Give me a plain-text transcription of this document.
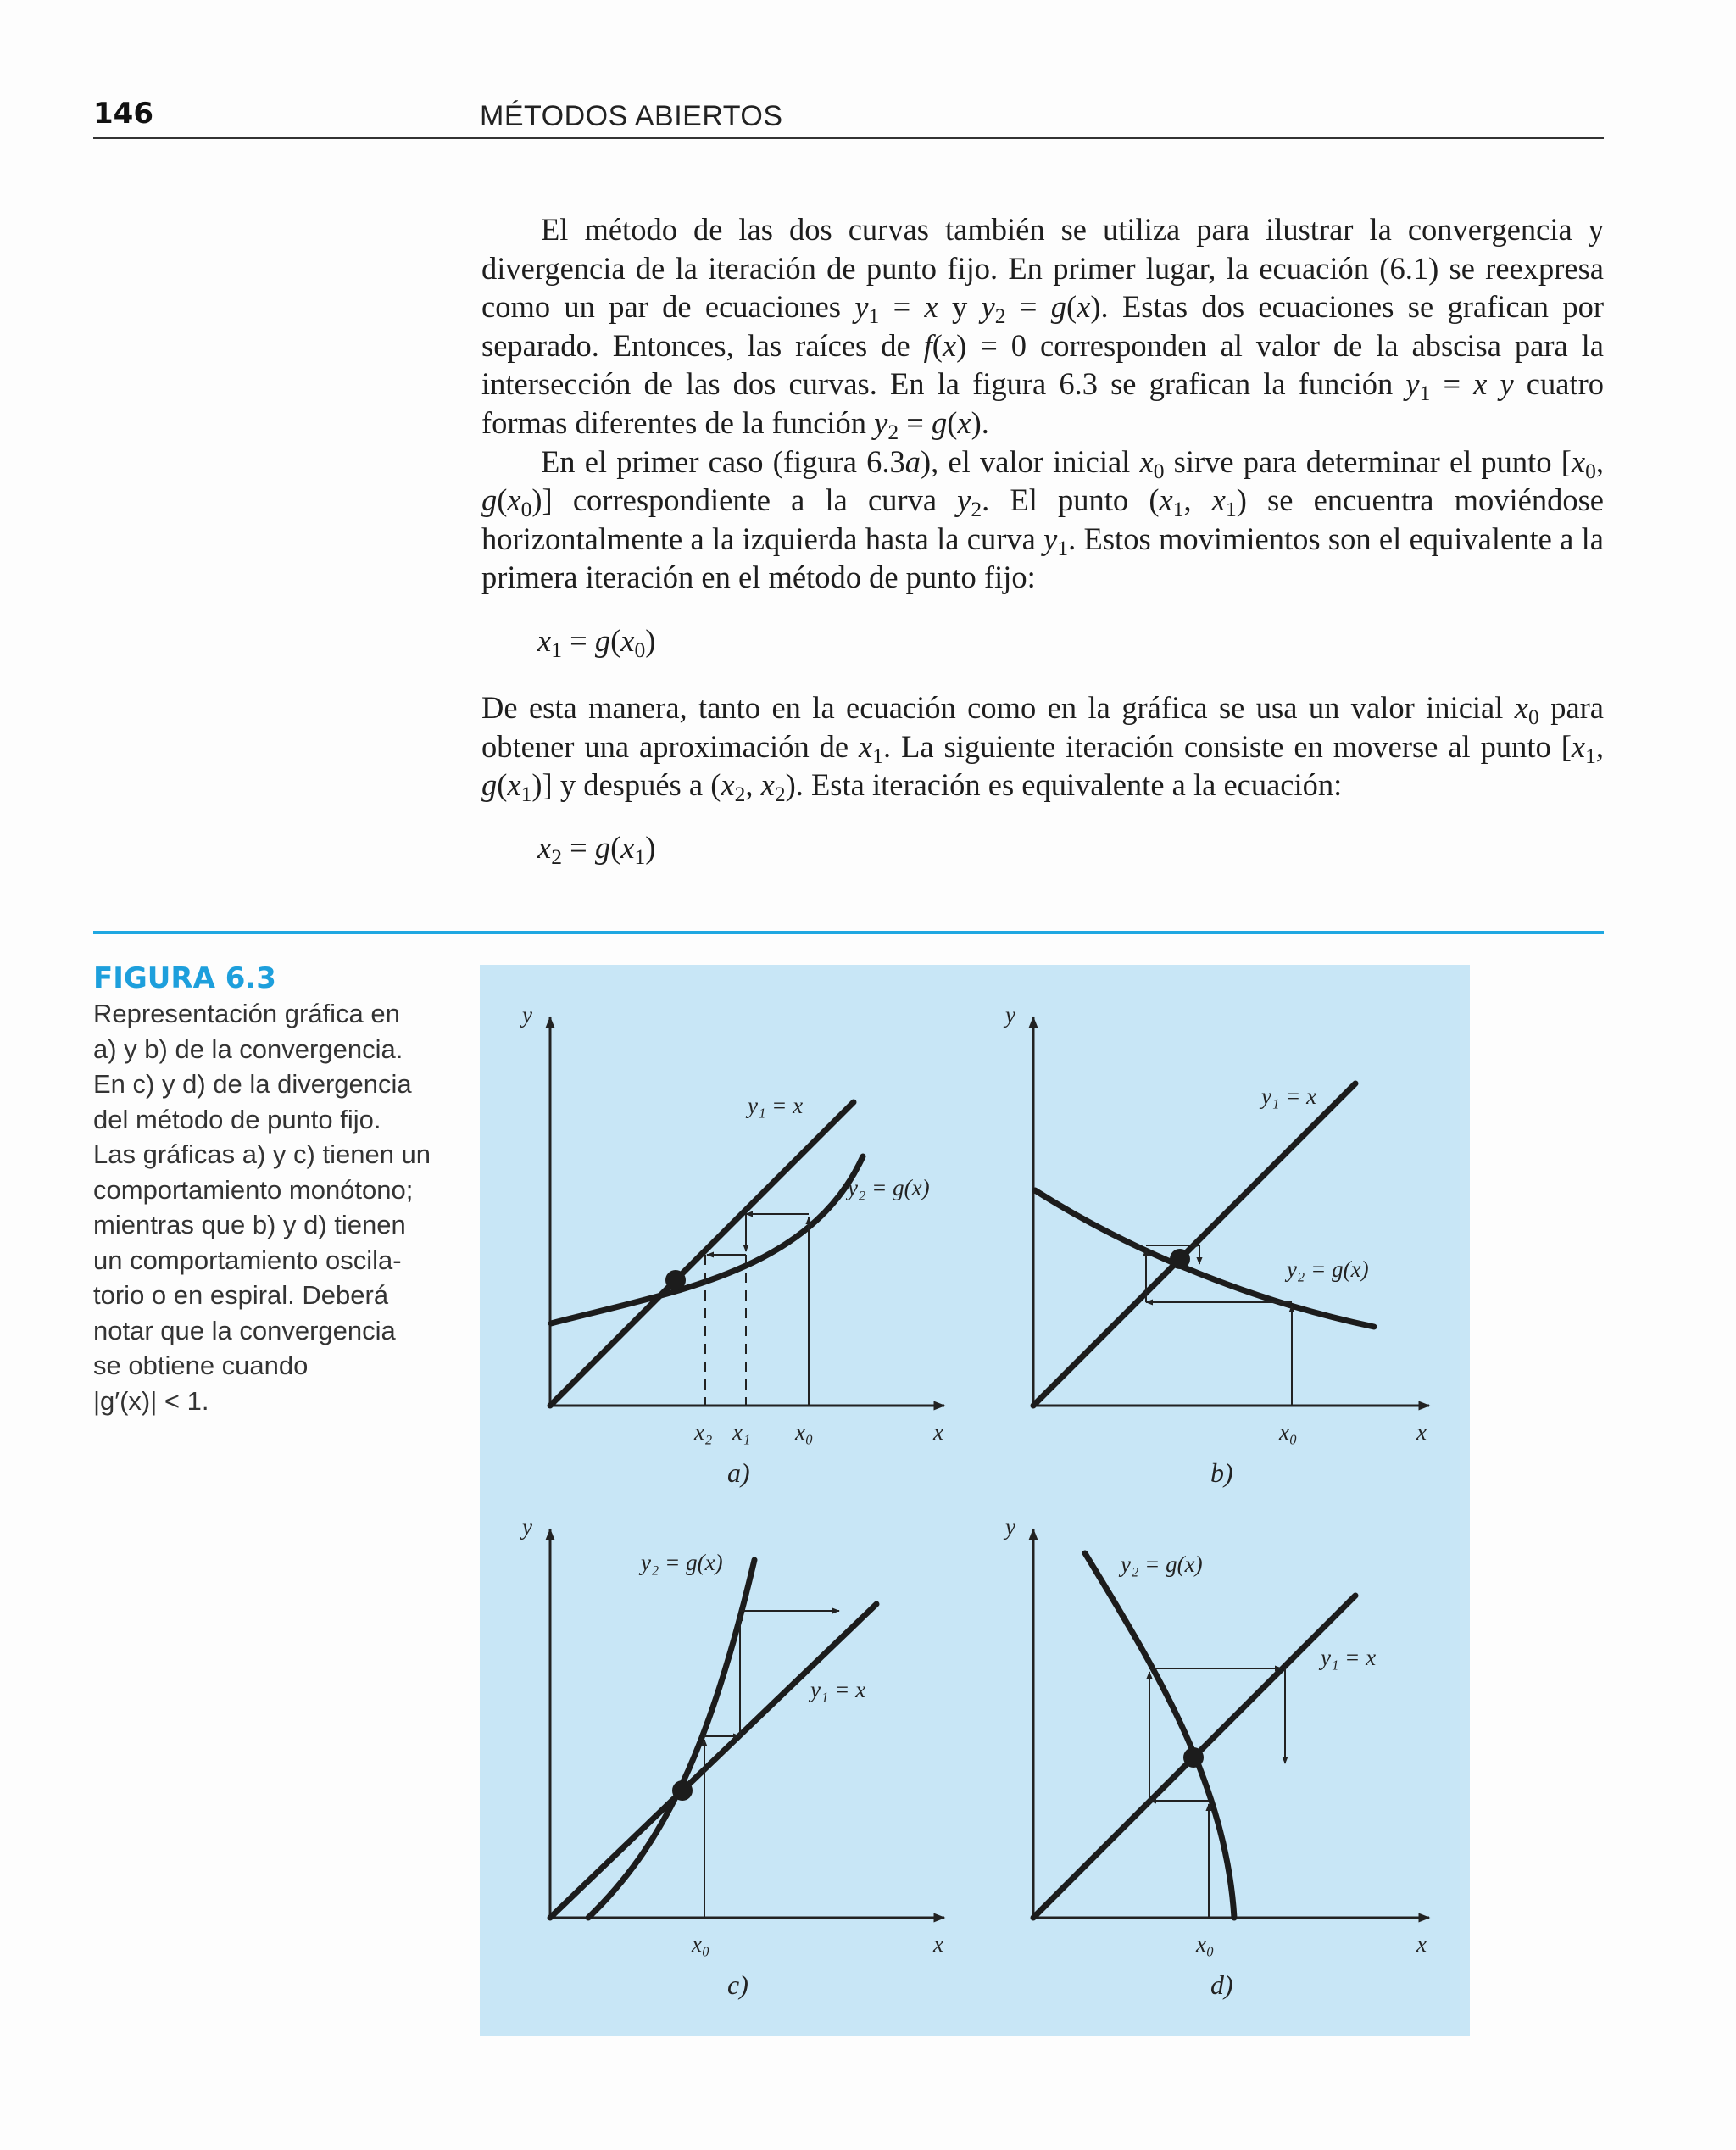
146	MÉTODOS ABIERTOS

El método de las dos curvas también se utiliza para ilustrar la convergencia y divergencia de la iteración de punto fijo. En primer lugar, la ecuación (6.1) se reexpresa como un par de ecuaciones $y_1 = x$ y $y_2 = g(x)$. Estas dos ecuaciones se grafican por separado. Entonces, las raíces de f(x) = 0 corresponden al valor de la abscisa para la intersección de las dos curvas. En la figura 6.3 se grafican la función $y_1 = x$ y cuatro formas diferentes de la función $y_2 = g(x)$.

En el primer caso (figura 6.3a), el valor inicial $x_0$ sirve para determinar el punto [$x_0$, $g(x_0)$] correspondiente a la curva $y_2$. El punto ($x_1$, $x_1$) se encuentra moviéndose horizontalmente a la izquierda hasta la curva $y_1$. Estos movimientos son el equivalente a la primera iteración en el método de punto fijo:

$x_1 = g(x_0)$

De esta manera, tanto en la ecuación como en la gráfica se usa un valor inicial $x_0$ para obtener una aproximación de $x_1$. La siguiente iteración consiste en moverse al punto [$x_1$, $g(x_1)$] y después a ($x_2$, $x_2$). Esta iteración es equivalente a la ecuación:

$x_2 = g(x_1)$
FIGURA 6.3
Representación gráfica en
a) y b) de la convergencia.
En c) y d) de la divergencia
del método de punto fijo.
Las gráficas a) y c) tienen un
comportamiento monótono;
mientras que b) y d) tienen
un comportamiento oscila-
torio o en espiral. Deberá
notar que la convergencia
se obtiene cuando
|g′(x)| < 1.
y
x
y₁ = x
y₂ = g(x)
x₂ x₁ x₀
a)
y
x
y₁ = x
y₂ = g(x)
x₀
b)
y
x
y₂ = g(x)
y₁ = x
x₀
c)
y
x
y₂ = g(x)
y₁ = x
x₀
d)
